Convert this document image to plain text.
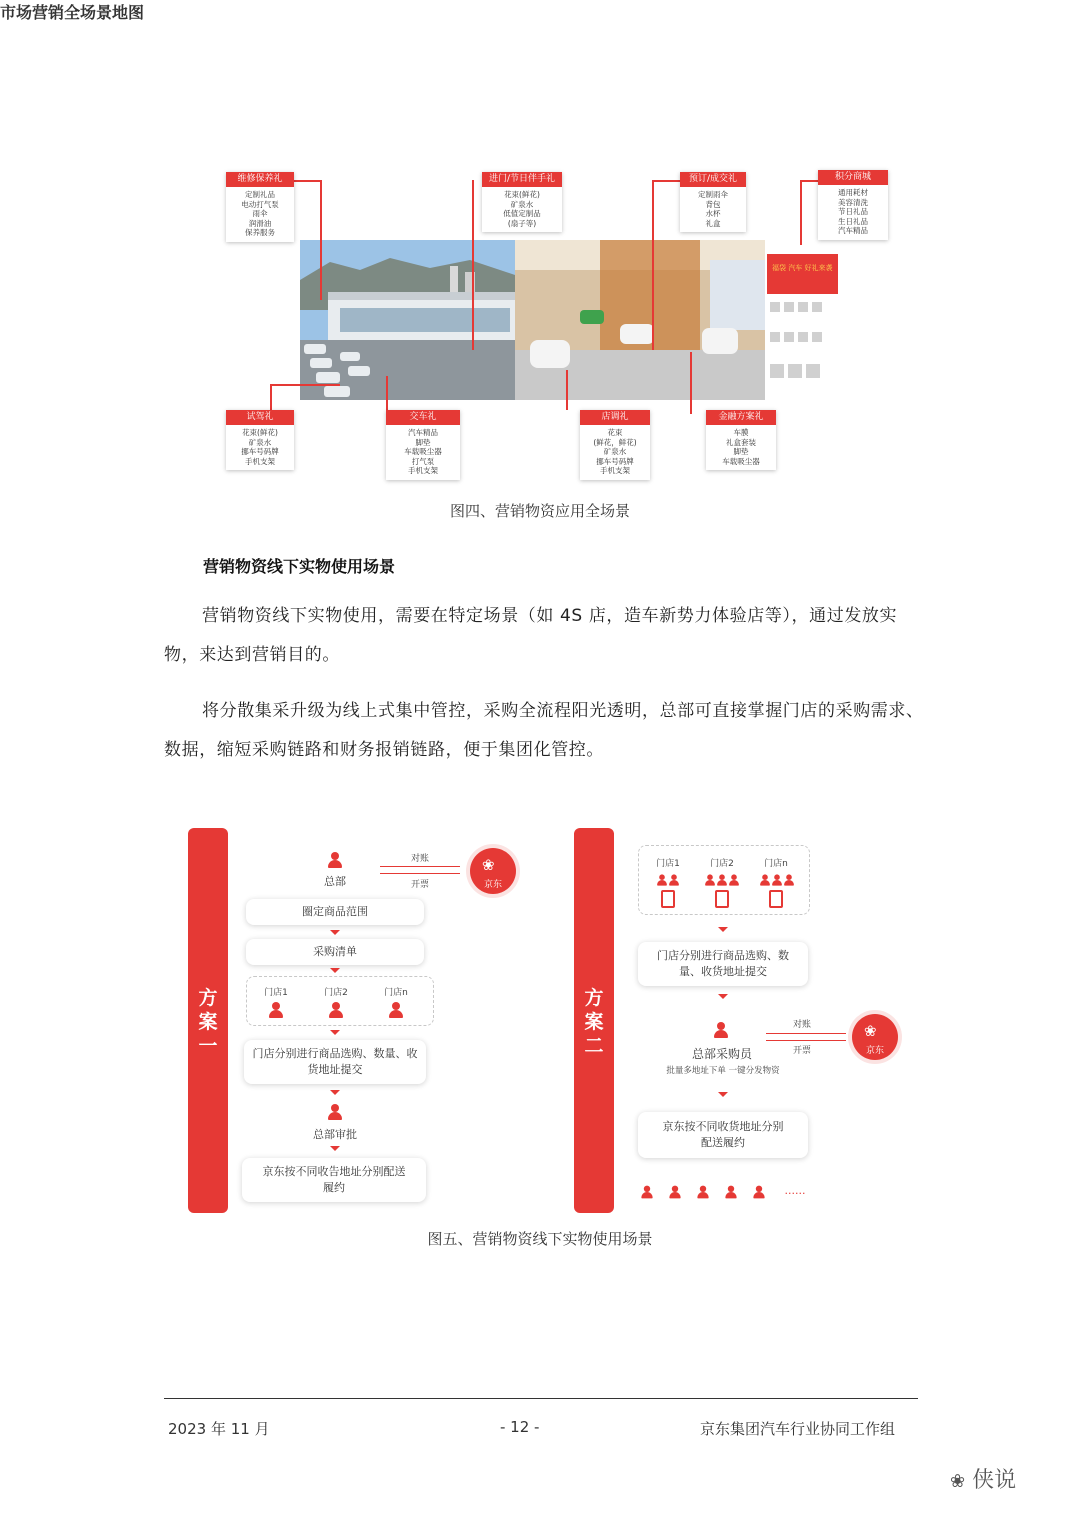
市场营销全场景地图
福袋 汽车 好礼来袭
维修保养礼
定制礼品
电动打气泵
雨伞
润滑油
保养服务
进门/节日伴手礼
花束(鲜花)
矿泉水
低值定制品
(扇子等)
预订/成交礼
定制雨伞
背包
水杯
礼盒
积分商城
通用耗材
美容清洗
节日礼品
生日礼品
汽车精品
试驾礼
花束(鲜花)
矿泉水
挪车号码牌
手机支架
交车礼
汽车精品
脚垫
车载吸尘器
打气泵
手机支架
店调礼
花束
(鲜花，鲜花)
矿泉水
挪车号码牌
手机支架
金融方案礼
车膜
礼盒套装
脚垫
车载吸尘器
图四、营销物资应用全场景
营销物资线下实物使用场景

营销物资线下实物使用，需要在特定场景（如 4S 店，造车新势力体验店等），通过发放实物，来达到营销目的。

将分散集采升级为线上式集中管控，采购全流程阳光透明，总部可直接掌握门店的采购需求、数据，缩短采购链路和财务报销链路，便于集团化管控。

方
案
一
总部
对账
开票
❀
京东
圈定商品范围
采购清单
门店1	门店2	门店n
门店分别进行商品选购、数量、收货地址提交
总部审批
京东按不同收告地址分别配送履约
方
案
二
门店1	门店2	门店n
门店分别进行商品选购、数量、收货地址提交
总部采购员
批量多地址下单 一键分发物资
对账
开票
❀
京东
京东按不同收货地址分别配送履约
......
图五、营销物资线下实物使用场景
2023 年 11 月	- 12 -	京东集团汽车行业协同工作组
❀ 侠说
